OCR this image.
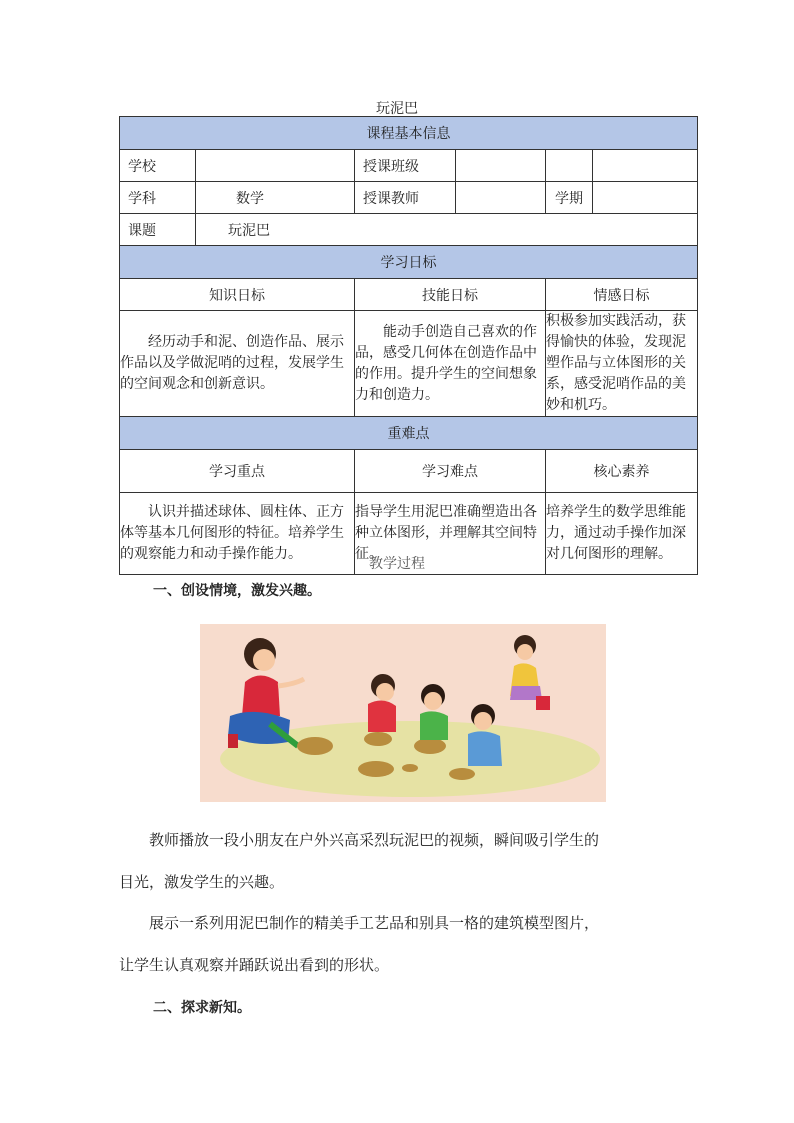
玩泥巴
课程基本信息					
学校		授课班级			
学科	数学	授课教师		学期	
课题	玩泥巴				
学习日标					
知识日标		技能日标		情感日标	
经历动手和泥、创造作品、展示作品以及学做泥哨的过程，发展学生的空间观念和创新意识。		能动手创造自己喜欢的作品，感受几何体在创造作品中的作用。提升学生的空间想象力和创造力。		积极参加实践活动，获得愉快的体验，发现泥塑作品与立体图形的关系，感受泥哨作品的美妙和机巧。	
重难点					
学习重点		学习难点		核心素养	
认识并描述球体、圆柱体、正方体等基本几何图形的特征。培养学生的观察能力和动手操作能力。		指导学生用泥巴准确塑造出各种立体图形，并理解其空间特征。		培养学生的数学思维能力，通过动手操作加深对几何图形的理解。	
教学过程
一、创设情境，激发兴趣。
教师播放一段小朋友在户外兴高采烈玩泥巴的视频，瞬间吸引学生的
目光，激发学生的兴趣。
展示一系列用泥巴制作的精美手工艺品和别具一格的建筑模型图片，
让学生认真观察并踊跃说出看到的形状。
二、探求新知。
